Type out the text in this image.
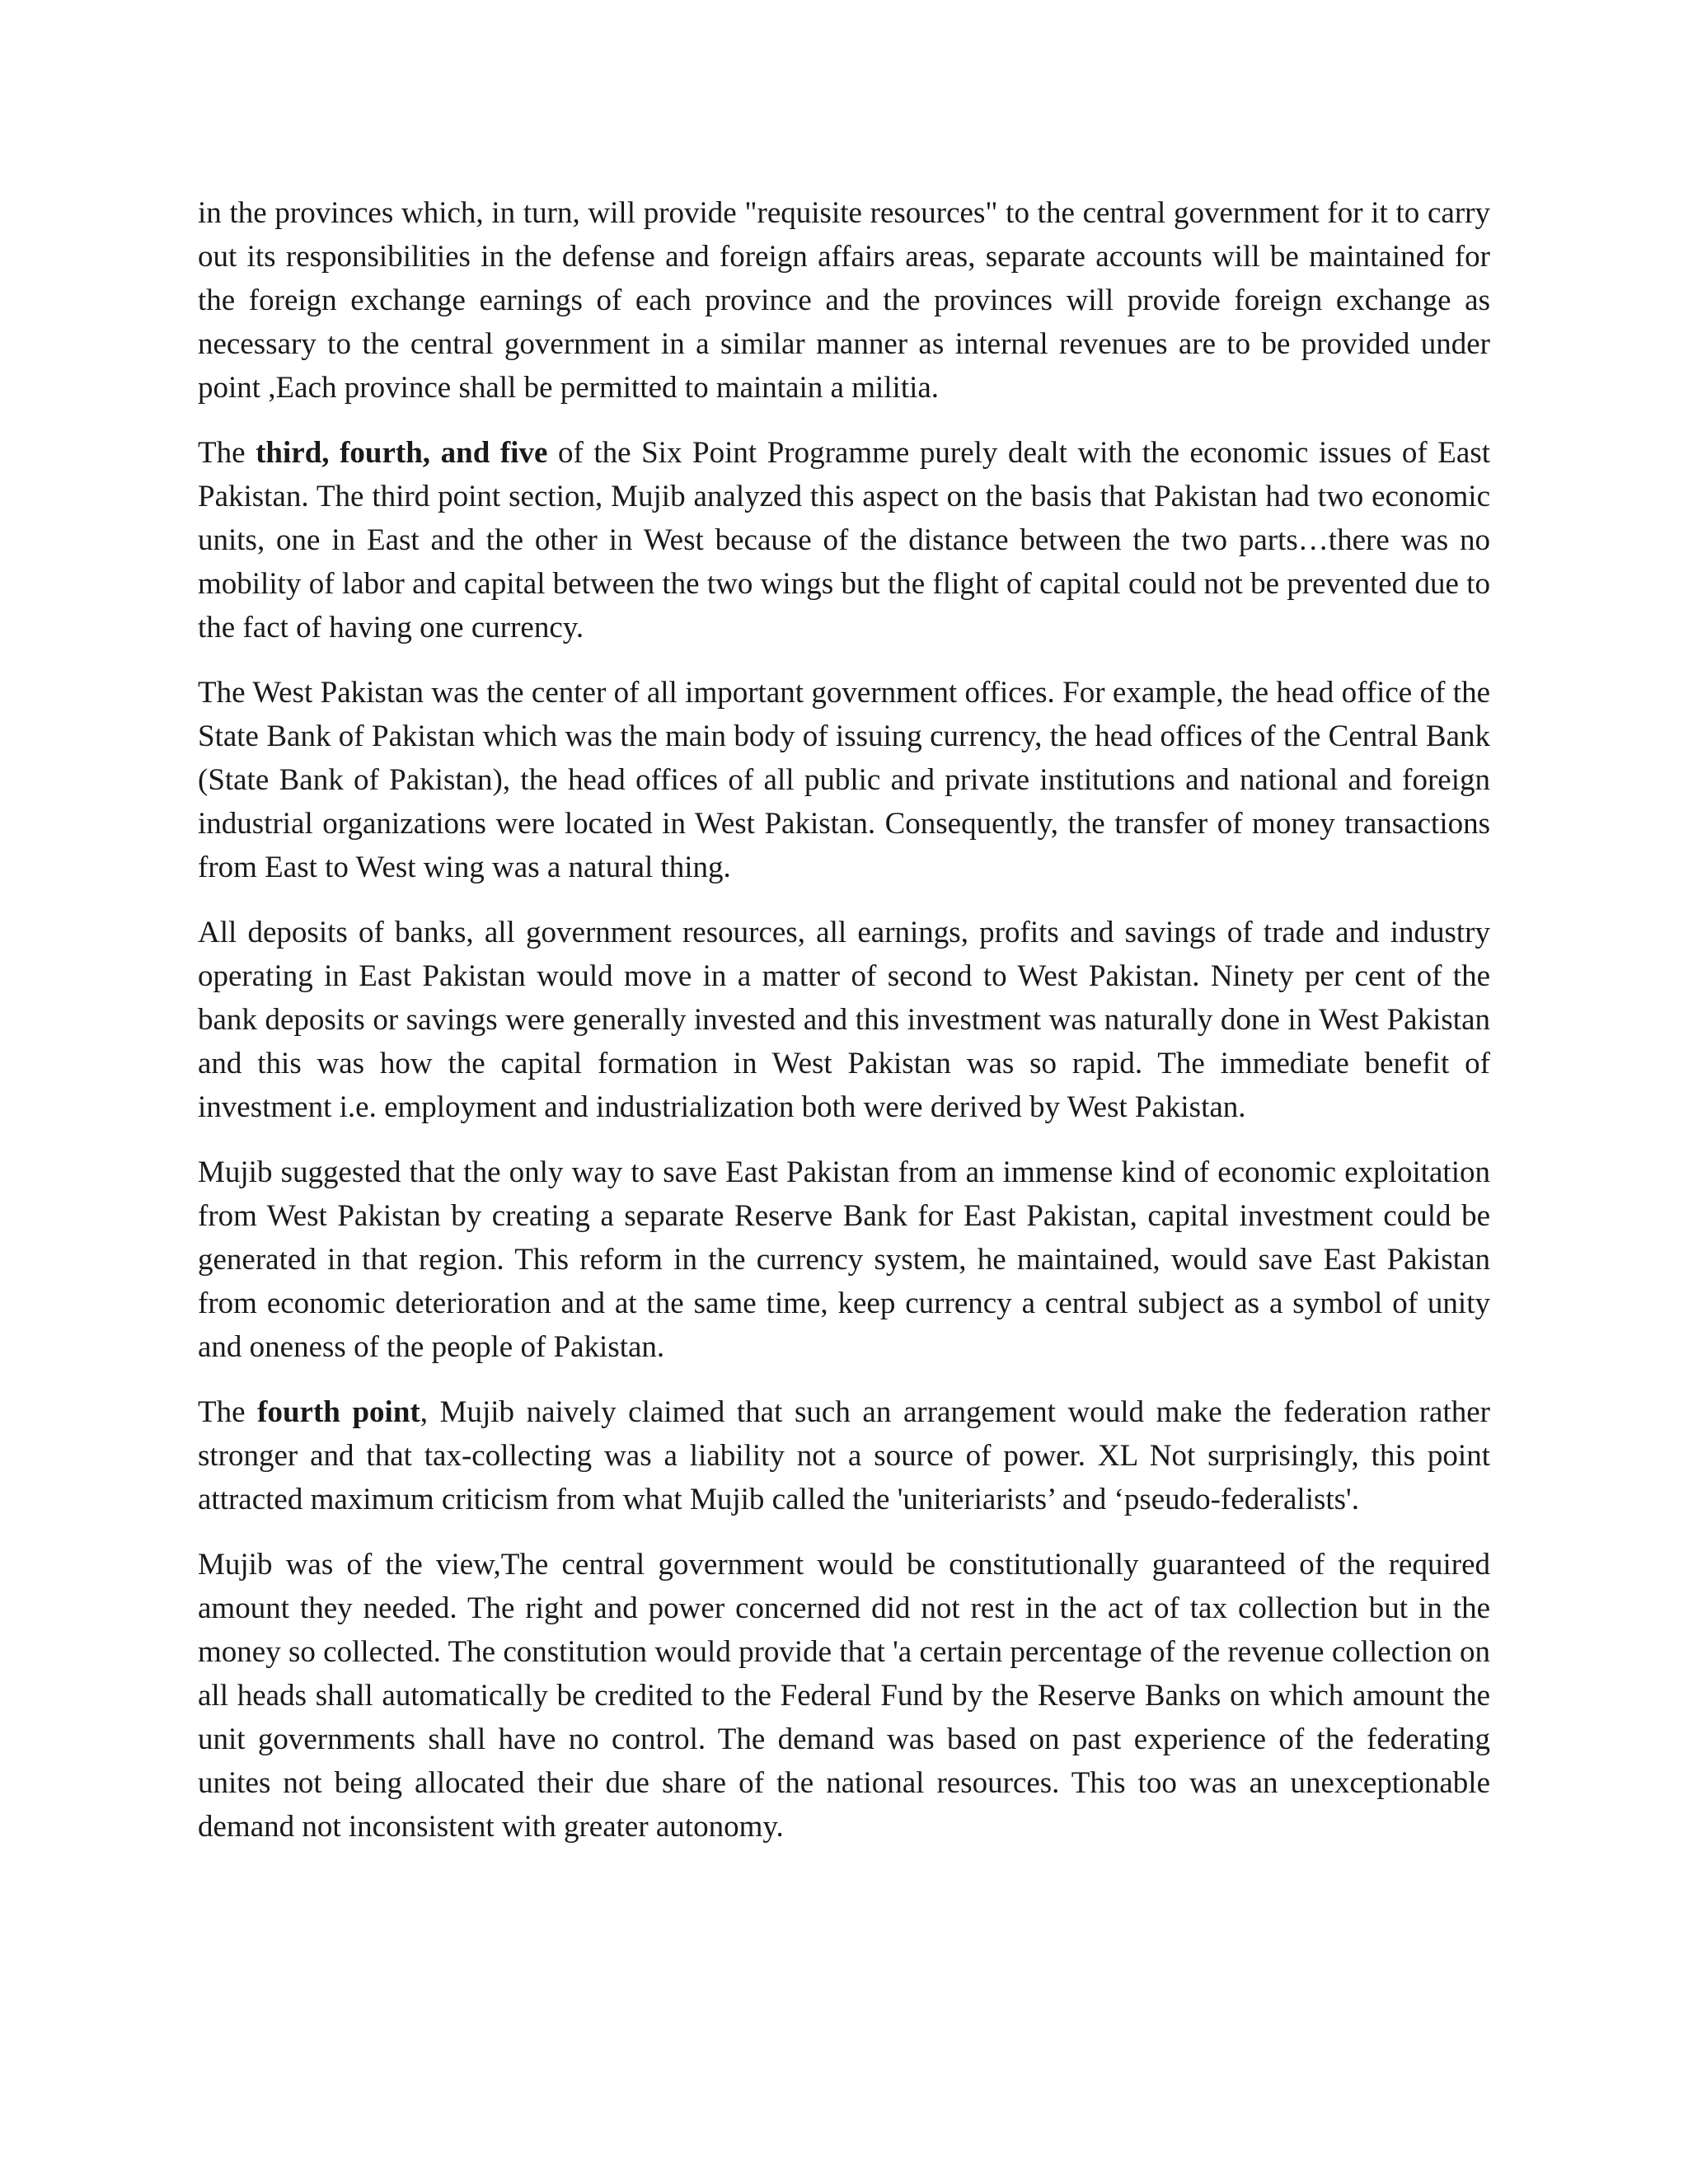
in the provinces which, in turn, will provide "requisite resources" to the central government for it to carry out its responsibilities in the defense and foreign affairs areas, separate accounts will be maintained for the foreign exchange earnings of each province and the provinces will provide foreign exchange as necessary to the central government in a similar manner as internal revenues are to be provided under point ,Each province shall be permitted to maintain a militia.

The third, fourth, and five of the Six Point Programme purely dealt with the economic issues of East Pakistan. The third point section, Mujib analyzed this aspect on the basis that Pakistan had two economic units, one in East and the other in West because of the distance between the two parts…there was no mobility of labor and capital between the two wings but the flight of capital could not be prevented due to the fact of having one currency.

The West Pakistan was the center of all important government offices. For example, the head office of the State Bank of Pakistan which was the main body of issuing currency, the head offices of the Central Bank (State Bank of Pakistan), the head offices of all public and private institutions and national and foreign industrial organizations were located in West Pakistan. Consequently, the transfer of money transactions from East to West wing was a natural thing.

All deposits of banks, all government resources, all earnings, profits and savings of trade and industry operating in East Pakistan would move in a matter of second to West Pakistan. Ninety per cent of the bank deposits or savings were generally invested and this investment was naturally done in West Pakistan and this was how the capital formation in West Pakistan was so rapid. The immediate benefit of investment i.e. employment and industrialization both were derived by West Pakistan.

Mujib suggested that the only way to save East Pakistan from an immense kind of economic exploitation from West Pakistan by creating a separate Reserve Bank for East Pakistan, capital investment could be generated in that region. This reform in the currency system, he maintained, would save East Pakistan from economic deterioration and at the same time, keep currency a central subject as a symbol of unity and oneness of the people of Pakistan.

The fourth point, Mujib naively claimed that such an arrangement would make the federation rather stronger and that tax-collecting was a liability not a source of power. XL Not surprisingly, this point attracted maximum criticism from what Mujib called the 'uniteriarists’ and ‘pseudo-federalists'.

Mujib was of the view,The central government would be constitutionally guaranteed of the required amount they needed. The right and power concerned did not rest in the act of tax collection but in the money so collected. The constitution would provide that 'a certain percentage of the revenue collection on all heads shall automatically be credited to the Federal Fund by the Reserve Banks on which amount the unit governments shall have no control. The demand was based on past experience of the federating unites not being allocated their due share of the national resources. This too was an unexceptionable demand not inconsistent with greater autonomy.
